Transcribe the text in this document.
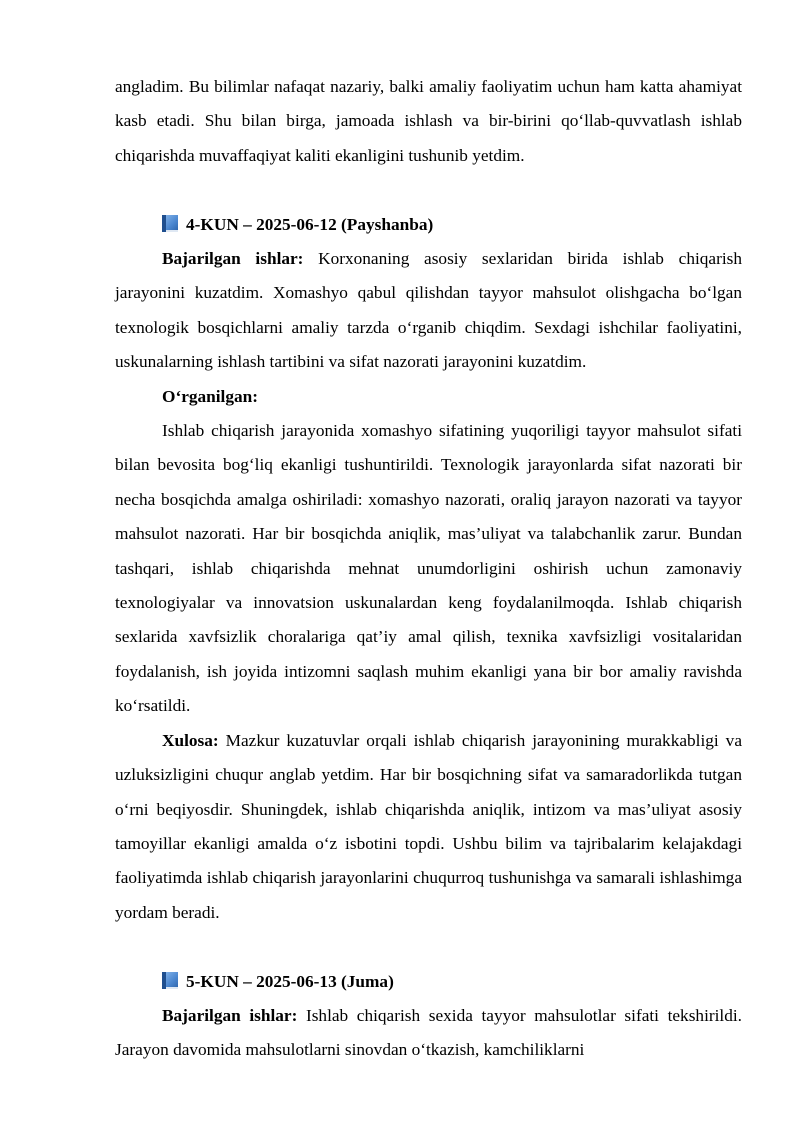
angladim. Bu bilimlar nafaqat nazariy, balki amaliy faoliyatim uchun ham katta ahamiyat kasb etadi. Shu bilan birga, jamoada ishlash va bir-birini qo‘llab-quvvatlash ishlab chiqarishda muvaffaqiyat kaliti ekanligini tushunib yetdim.

4-KUN – 2025-06-12 (Payshanba)

Bajarilgan ishlar: Korxonaning asosiy sexlaridan birida ishlab chiqarish jarayonini kuzatdim. Xomashyo qabul qilishdan tayyor mahsulot olishgacha bo‘lgan texnologik bosqichlarni amaliy tarzda o‘rganib chiqdim. Sexdagi ishchilar faoliyatini, uskunalarning ishlash tartibini va sifat nazorati jarayonini kuzatdim.

O‘rganilgan:

Ishlab chiqarish jarayonida xomashyo sifatining yuqoriligi tayyor mahsulot sifati bilan bevosita bog‘liq ekanligi tushuntirildi. Texnologik jarayonlarda sifat nazorati bir necha bosqichda amalga oshiriladi: xomashyo nazorati, oraliq jarayon nazorati va tayyor mahsulot nazorati. Har bir bosqichda aniqlik, mas’uliyat va talabchanlik zarur. Bundan tashqari, ishlab chiqarishda mehnat unumdorligini oshirish uchun zamonaviy texnologiyalar va innovatsion uskunalardan keng foydalanilmoqda. Ishlab chiqarish sexlarida xavfsizlik choralariga qat’iy amal qilish, texnika xavfsizligi vositalaridan foydalanish, ish joyida intizomni saqlash muhim ekanligi yana bir bor amaliy ravishda ko‘rsatildi.

Xulosa: Mazkur kuzatuvlar orqali ishlab chiqarish jarayonining murakkabligi va uzluksizligini chuqur anglab yetdim. Har bir bosqichning sifat va samaradorlikda tutgan o‘rni beqiyosdir. Shuningdek, ishlab chiqarishda aniqlik, intizom va mas’uliyat asosiy tamoyillar ekanligi amalda o‘z isbotini topdi. Ushbu bilim va tajribalarim kelajakdagi faoliyatimda ishlab chiqarish jarayonlarini chuqurroq tushunishga va samarali ishlashimga yordam beradi.

5-KUN – 2025-06-13 (Juma)

Bajarilgan ishlar: Ishlab chiqarish sexida tayyor mahsulotlar sifati tekshirildi. Jarayon davomida mahsulotlarni sinovdan o‘tkazish, kamchiliklarni
